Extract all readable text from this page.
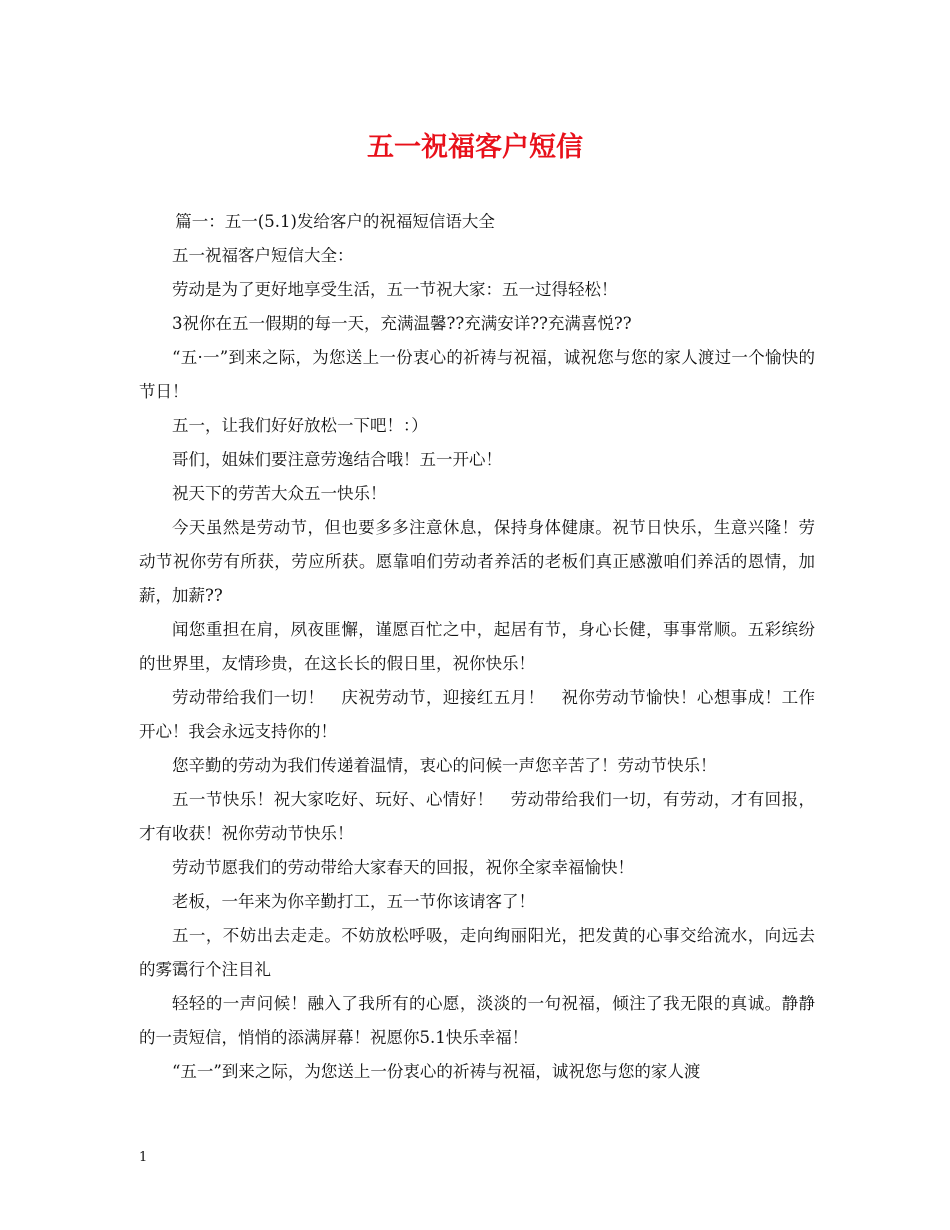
五一祝福客户短信

篇一：五一(5.1)发给客户的祝福短信语大全

五一祝福客户短信大全：

劳动是为了更好地享受生活，五一节祝大家：五一过得轻松！

3祝你在五一假期的每一天，充满温馨??充满安详??充满喜悦??

“五·一”到来之际，为您送上一份衷心的祈祷与祝福，诚祝您与您的家人渡过一个愉快的节日！

五一，让我们好好放松一下吧！：）

哥们，姐妹们要注意劳逸结合哦！五一开心！

祝天下的劳苦大众五一快乐！

今天虽然是劳动节，但也要多多注意休息，保持身体健康。祝节日快乐，生意兴隆！劳动节祝你劳有所获，劳应所获。愿靠咱们劳动者养活的老板们真正感激咱们养活的恩情，加薪，加薪??

闻您重担在肩，夙夜匪懈，谨愿百忙之中，起居有节，身心长健，事事常顺。五彩缤纷的世界里，友情珍贵，在这长长的假日里，祝你快乐！

劳动带给我们一切！　庆祝劳动节，迎接红五月！　祝你劳动节愉快！心想事成！工作开心！我会永远支持你的！

您辛勤的劳动为我们传递着温情，衷心的问候一声您辛苦了！劳动节快乐！

五一节快乐！祝大家吃好、玩好、心情好！　劳动带给我们一切，有劳动，才有回报，才有收获！祝你劳动节快乐！

劳动节愿我们的劳动带给大家春天的回报，祝你全家幸福愉快！

老板，一年来为你辛勤打工，五一节你该请客了！

五一，不妨出去走走。不妨放松呼吸，走向绚丽阳光，把发黄的心事交给流水，向远去的雾霭行个注目礼

轻轻的一声问候！融入了我所有的心愿，淡淡的一句祝福，倾注了我无限的真诚。静静的一责短信，悄悄的添满屏幕！祝愿你5.1快乐幸福！

“五一”到来之际，为您送上一份衷心的祈祷与祝福，诚祝您与您的家人渡

1
